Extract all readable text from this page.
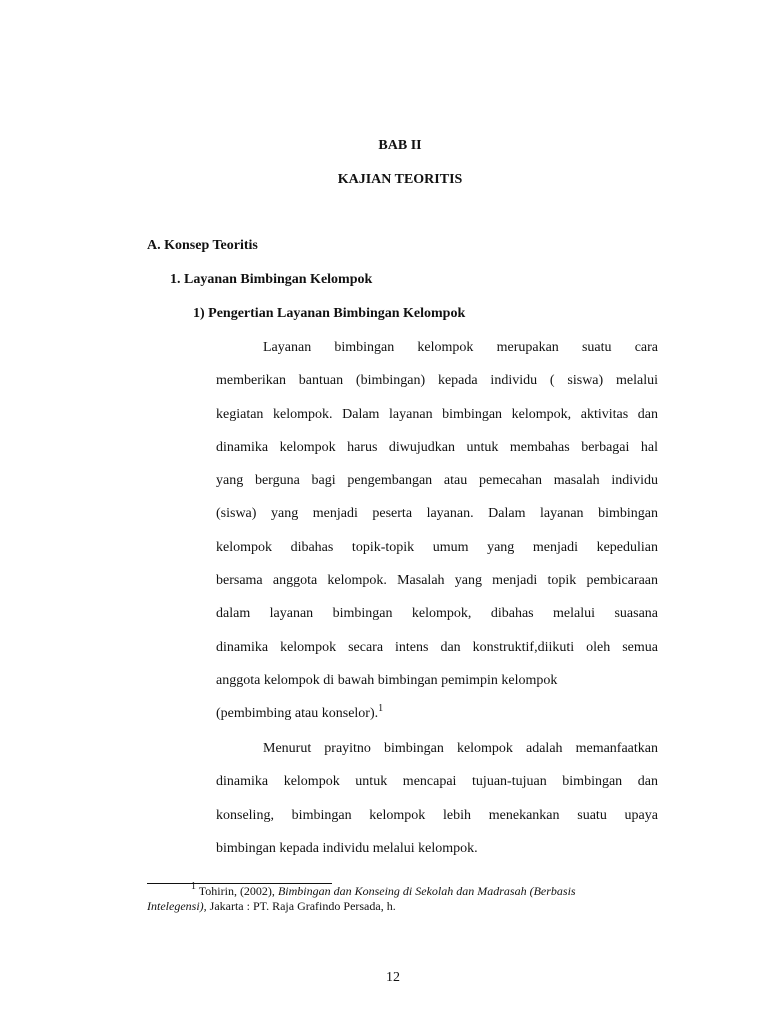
BAB II
KAJIAN TEORITIS
A. Konsep Teoritis
1. Layanan Bimbingan Kelompok
1) Pengertian Layanan Bimbingan Kelompok
Layanan bimbingan kelompok merupakan suatu cara
memberikan bantuan (bimbingan) kepada individu ( siswa) melalui
kegiatan kelompok. Dalam layanan bimbingan kelompok, aktivitas dan
dinamika kelompok harus diwujudkan untuk membahas berbagai hal
yang berguna bagi pengembangan atau pemecahan masalah individu
(siswa) yang menjadi peserta layanan. Dalam layanan bimbingan
kelompok dibahas topik-topik umum yang menjadi kepedulian
bersama anggota kelompok. Masalah yang menjadi topik pembicaraan
dalam layanan bimbingan kelompok, dibahas melalui suasana
dinamika kelompok secara intens dan konstruktif,diikuti oleh semua
anggota kelompok di bawah bimbingan pemimpin kelompok
(pembimbing atau konselor).$^1$
Menurut prayitno bimbingan kelompok adalah memanfaatkan
dinamika kelompok untuk mencapai tujuan-tujuan bimbingan dan
konseling, bimbingan kelompok lebih menekankan suatu upaya
bimbingan kepada individu melalui kelompok.
$^1$ Tohirin, (2002), Bimbingan dan Konseing di Sekolah dan Madrasah (Berbasis Intelegensi), Jakarta : PT. Raja Grafindo Persada, h.
12
